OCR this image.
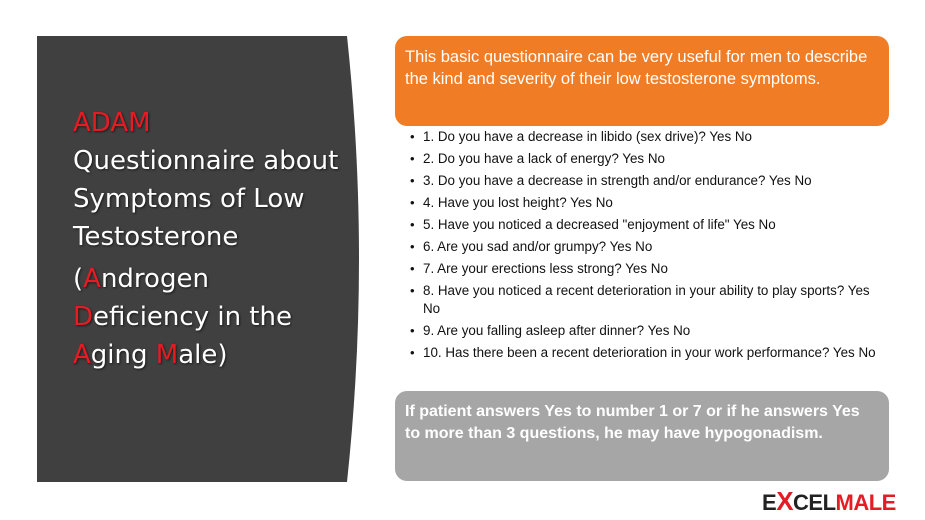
ADAM
Questionnaire about Symptoms of Low Testosterone
(Androgen
Deficiency in the
Aging Male)
This basic questionnaire can be very useful for men to describe the kind and severity of their low testosterone symptoms.
• 1. Do you have a decrease in libido (sex drive)? Yes No
• 2. Do you have a lack of energy? Yes No
• 3. Do you have a decrease in strength and/or endurance? Yes No
• 4. Have you lost height? Yes No
• 5. Have you noticed a decreased "enjoyment of life" Yes No
• 6. Are you sad and/or grumpy? Yes No
• 7. Are your erections less strong? Yes No
• 8. Have you noticed a recent deterioration in your ability to play sports? Yes No
• 9. Are you falling asleep after dinner? Yes No
• 10. Has there been a recent deterioration in your work performance? Yes No
If patient answers Yes to number 1 or 7 or if he answers Yes to more than 3 questions, he may have hypogonadism.
EXCELMALE
